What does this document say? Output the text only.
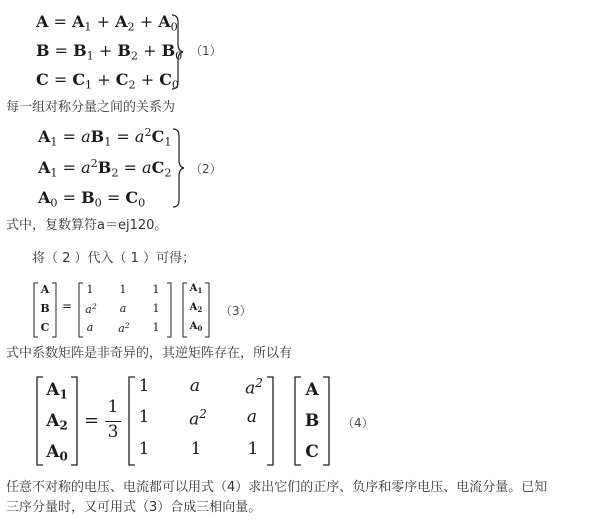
$A = A_1 + A_2 + A_0$
$B = B_1 + B_2 + B_0$
$C = C_1 + C_2 + C_0$
（1）
每一组对称分量之间的关系为
$A_1 = aB_1 = a^2C_1$
$A_1 = a^2B_2 = aC_2$
$A_0 = B_0 = C_0$
（2）
式中，复数算符a＝ej120。
将（ 2 ）代入（ 1 ）可得；
A
B
C
=
1	1	1
$a^2$	a	1
a	$a^2$	1
$A_1$
$A_2$
$A_0$
（3）
式中系数矩阵是非奇异的，其逆矩阵存在，所以有
$A_1$
$A_2$
$A_0$
=
1
3
1	a	$a^2$
1	$a^2$	a
1 1	1
A
B
C
（4）
任意不对称的电压、电流都可以用式（4）求出它们的正序、负序和零序电压、电流分量。已知
三序分量时，又可用式（3）合成三相向量。
